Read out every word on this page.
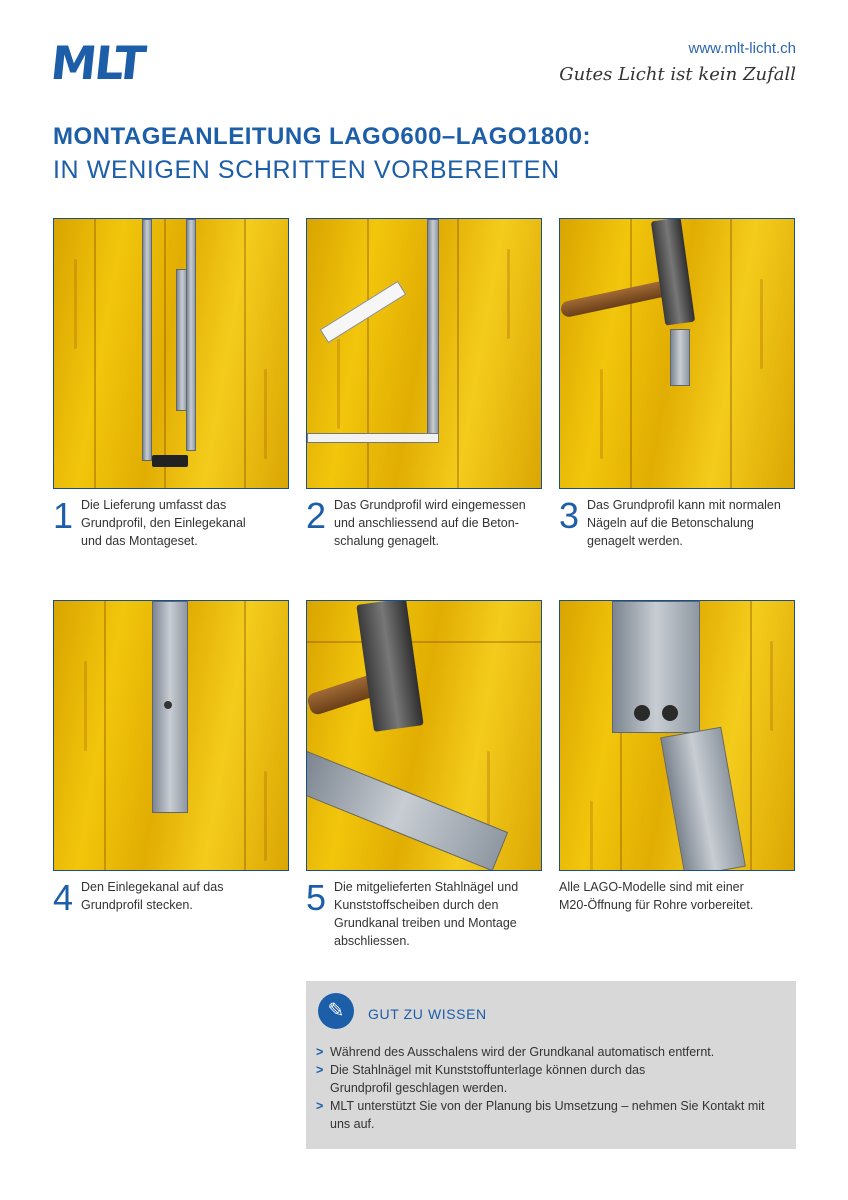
MLT	www.mlt-licht.ch
Gutes Licht ist kein Zufall
MONTAGEANLEITUNG LAGO600–LAGO1800:
IN WENIGEN SCHRITTEN VORBEREITEN
1 Die Lieferung umfasst das
Grundprofil, den Einlegekanal
und das Montageset.
2 Das Grundprofil wird eingemessen
und anschliessend auf die Beton-
schalung genagelt.
3 Das Grundprofil kann mit normalen
Nägeln auf die Betonschalung
genagelt werden.
4 Den Einlegekanal auf das
Grundprofil stecken.	5 Die mitgelieferten Stahlnägel und
Kunststoffscheiben durch den
Grundkanal treiben und Montage
abschliessen.
Alle LAGO-Modelle sind mit einer
M20-Öffnung für Rohre vorbereitet.
✎	GUT ZU WISSEN
> Während des Ausschalens wird der Grundkanal automatisch entfernt.
> Die Stahlnägel mit Kunststoffunterlage können durch das
Grundprofil geschlagen werden.
> MLT unterstützt Sie von der Planung bis Umsetzung – nehmen Sie Kontakt mit
uns auf.
